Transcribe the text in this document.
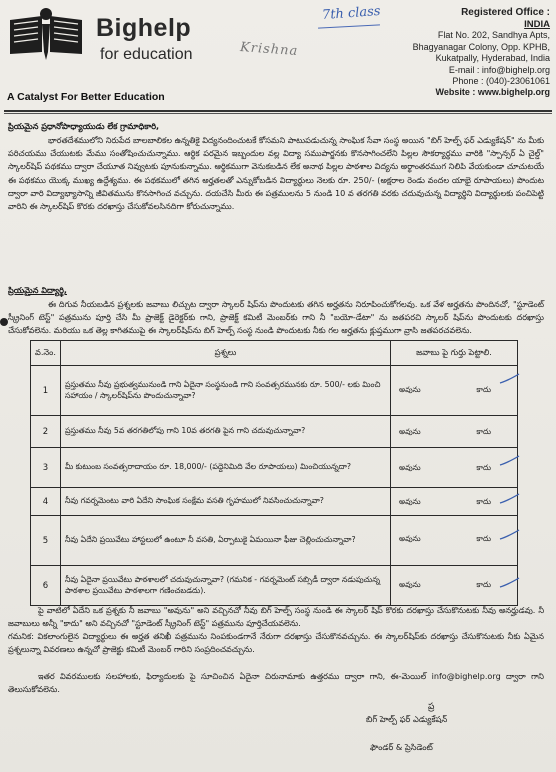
Bighelp
for education
A Catalyst For Better Education
7th class
Krishna
Registered Office :
INDIA
Flat No. 202, Sandhya Apts,
Bhagyanagar Colony, Opp. KPHB,
Kukatpally, Hyderabad, India
E-mail : info@bighelp.org
Phone : (040)-23061061
Website : www.bighelp.org
ప్రియమైన ప్రధానోపాధ్యాయుడు లేక గ్రామాధికారి,
భారతదేశములోని నిరుపేద బాలబాలికల ఉన్నతికై విద్యనందించుటకే కోసమని పాటుపడుచున్న సాంఘిక సేవా సంస్థ అయిన "బిగ్ హెల్ప్ ఫర్ ఎడ్యుకేషన్" ను మీకు పరిచయము చేయుటకు మేము సంతోషించుచున్నాము. ఆర్థిక పరమైన ఇబ్బందుల వల్ల విద్యా సముపార్జనకు కొనసాగించలేని పిల్లల సౌకర్యార్థము వారికి "స్పాన్సర్ ఏ చైల్డ్" స్కాలర్‌షిప్ పథకము ద్వారా చేయూత నివ్వుటకు పూనుకున్నాము. ఆర్థికముగా వెనుకబడిన లేక అనాథ పిల్లల పాఠశాల విద్యను అర్థాంతరముగ నిలిపి వేయకుండా చూచుటయే ఈ పథకము యొక్క ముఖ్య ఉద్దేశ్యము. ఈ పథకములో తగిన అర్హతలతో ఎన్నుకోబడిన విద్యార్థులు నెలకు రూ. 250/- (అక్షరాల రెండు వందల యాభై రూపాయలు) పొందుట ద్వారా వారి విద్యాభ్యాసాన్ని జీవితమును కొనసాగించ వచ్చును. దయచేసి మీరు ఈ పత్రములను 5 నుండి 10 వ తరగతి వరకు చదువుచున్న విద్యార్థిని విద్యార్థులకు పంచిపెట్టి వారిని ఈ స్కాలర్‌షిప్ కొరకు దరఖాస్తు చేసుకోవలసినదిగా కోరుచున్నాము.
ప్రియమైన విద్యార్థి,
ఈ దిగువ నీయబడిన ప్రశ్నలకు జవాబు లిచ్చుట ద్వారా స్కాలర్ షిప్‌ను పొందుటకు తగిన అర్హతను నిరూపించుకోగలవు. ఒక వేళ అర్హతను పొందినచో, "స్టూడెంట్ స్క్రీనింగ్ టెస్ట్" పత్రమును పూర్తి చేసి మీ ప్రాజెక్ట్ డైరెక్టర్‌కు గాని, ప్రాజెక్ట్ కమిటీ మెంబర్‌కు గాని నీ "బయో-డేటా" ను జతపరచి స్కాలర్ షిప్‌ను పొందుటకు దరఖాస్తు చేసుకోవలెను. మరియు ఒక తెల్ల కాగితముపై ఈ స్కాలర్‌షిప్‌ను బిగ్ హెల్ప్ సంస్థ నుండి పొందుటకు నీకు గల అర్హతను క్లుప్తముగా వ్రాసి జతపరచవలెను.
వ.నెం.	ప్రశ్నలు	జవాబు పై గుర్తు పెట్టాలి.
1	ప్రస్తుతము నీవు ప్రభుత్వమునుండి గాని ఏదైనా సంస్థనుండి గాని సంవత్సరమునకు రూ. 500/- లకు మించి సహాయం / స్కాలర్‌షిప్‌ను పొందుచున్నావా?	అవును కాదు

2	ప్రస్తుతము నీవు 5వ తరగతిలోపు గాని 10వ తరగతి పైన గాని చదువుచున్నావా?	అవును కాదు

3	మీ కుటుంబ సంవత్సరాదాయం రూ. 18,000/- (పద్దెనిమిది వేల రూపాయలు) మించియున్నదా?	అవును కాదు

4	నీవు గవర్నమెంటు వారి ఏదేని సాంఘిక సంక్షేమ వసతి గృహములో నివసించుచున్నావా?	అవును కాదు

5	నీవు ఏదేని ప్రయివేటు హాస్టలులో ఉంటూ నీ వసతి, ఏర్పాటుకై ఏమయినా ఫీజు చెల్లించుచున్నావా?	అవును కాదు

6	నీవు ఏదైనా ప్రయివేటు పాఠశాలలో చదువుచున్నావా? (గమనిక - గవర్నమెంట్ సబ్సిడీ ద్వారా నడుపుచున్న పాఠశాల ప్రయివేటు పాఠశాలగా గణించబడదు).	అవును కాదు
పై వాటిలో ఏదేని ఒక ప్రశ్నకు నీ జవాబు "అవును" అని వచ్చినచో నీవు బిగ్ హెల్ప్ సంస్థ నుండి ఈ స్కాలర్ షిప్ కొరకు దరఖాస్తు చేసుకొనుటకు నీవు అనర్హుడవు. నీ జవాబులు అన్నీ "కాదు" అని వచ్చినచో "స్టూడెంట్ స్క్రీనింగ్ టెస్ట్" పత్రమును పూర్తిచేయవలెను.
గమనిక: వికలాంగులైన విద్యార్థులు ఈ అర్హత తనిఖీ పత్రమును నింపకుండగానే నేరుగా దరఖాస్తు చేసుకొనవచ్చును. ఈ స్కాలర్‌షిప్‌కు దరఖాస్తు చేసుకొనుటకు నీకు ఏమైన ప్రశ్నలున్నా వివరణలు ఉన్నచో ప్రాజెక్టు కమిటీ మెంబర్ గారిని సంప్రదించవచ్చును.
ఇతర వివరములకు సలహాలకు, ఫిర్యాదులకు పై సూచించిన ఏదైనా చిరునామాకు ఉత్తరము ద్వారా గాని, ఈ-మెయిల్ info@bighelp.org ద్వారా గాని తెలుసుకోవలెను.
ప్ర
బిగ్ హెల్ప్ ఫర్ ఎడ్యుకేషన్
ఫౌండర్ & ప్రెసిడెంట్
